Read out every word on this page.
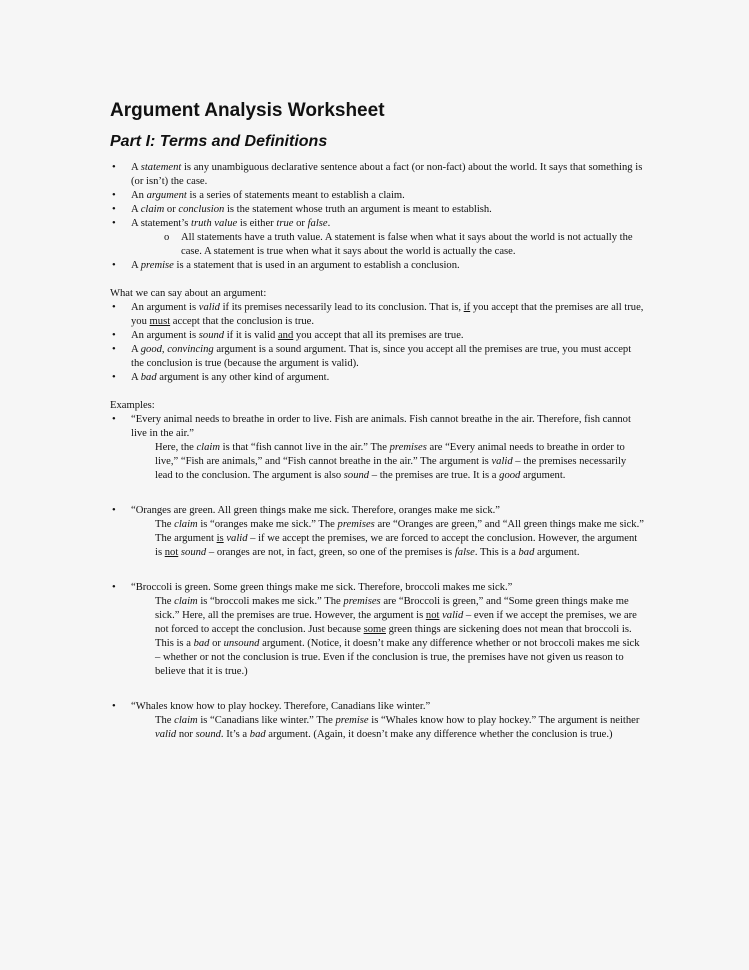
Argument Analysis Worksheet
Part I: Terms and Definitions
• A statement is any unambiguous declarative sentence about a fact (or non-fact) about the world. It says that something is (or isn’t) the case.
• An argument is a series of statements meant to establish a claim.
• A claim or conclusion is the statement whose truth an argument is meant to establish.
• A statement’s truth value is either true or false.
o All statements have a truth value. A statement is false when what it says about the world is not actually the case. A statement is true when what it says about the world is actually the case.
• A premise is a statement that is used in an argument to establish a conclusion.
What we can say about an argument:
• An argument is valid if its premises necessarily lead to its conclusion. That is, if you accept that the premises are all true, you must accept that the conclusion is true.
• An argument is sound if it is valid and you accept that all its premises are true.
• A good, convincing argument is a sound argument. That is, since you accept all the premises are true, you must accept the conclusion is true (because the argument is valid).
• A bad argument is any other kind of argument.
Examples:
• “Every animal needs to breathe in order to live. Fish are animals. Fish cannot breathe in the air. Therefore, fish cannot live in the air.”
Here, the claim is that “fish cannot live in the air.” The premises are “Every animal needs to breathe in order to live,” “Fish are animals,” and “Fish cannot breathe in the air.” The argument is valid – the premises necessarily lead to the conclusion. The argument is also sound – the premises are true. It is a good argument.
• “Oranges are green. All green things make me sick. Therefore, oranges make me sick.”
The claim is “oranges make me sick.” The premises are “Oranges are green,” and “All green things make me sick.” The argument is valid – if we accept the premises, we are forced to accept the conclusion. However, the argument is not sound – oranges are not, in fact, green, so one of the premises is false. This is a bad argument.
• “Broccoli is green. Some green things make me sick. Therefore, broccoli makes me sick.”
The claim is “broccoli makes me sick.” The premises are “Broccoli is green,” and “Some green things make me sick.” Here, all the premises are true. However, the argument is not valid – even if we accept the premises, we are not forced to accept the conclusion. Just because some green things are sickening does not mean that broccoli is. This is a bad or unsound argument. (Notice, it doesn’t make any difference whether or not broccoli makes me sick – whether or not the conclusion is true. Even if the conclusion is true, the premises have not given us reason to believe that it is true.)
• “Whales know how to play hockey. Therefore, Canadians like winter.”
The claim is “Canadians like winter.” The premise is “Whales know how to play hockey.” The argument is neither valid nor sound. It’s a bad argument. (Again, it doesn’t make any difference whether the conclusion is true.)
